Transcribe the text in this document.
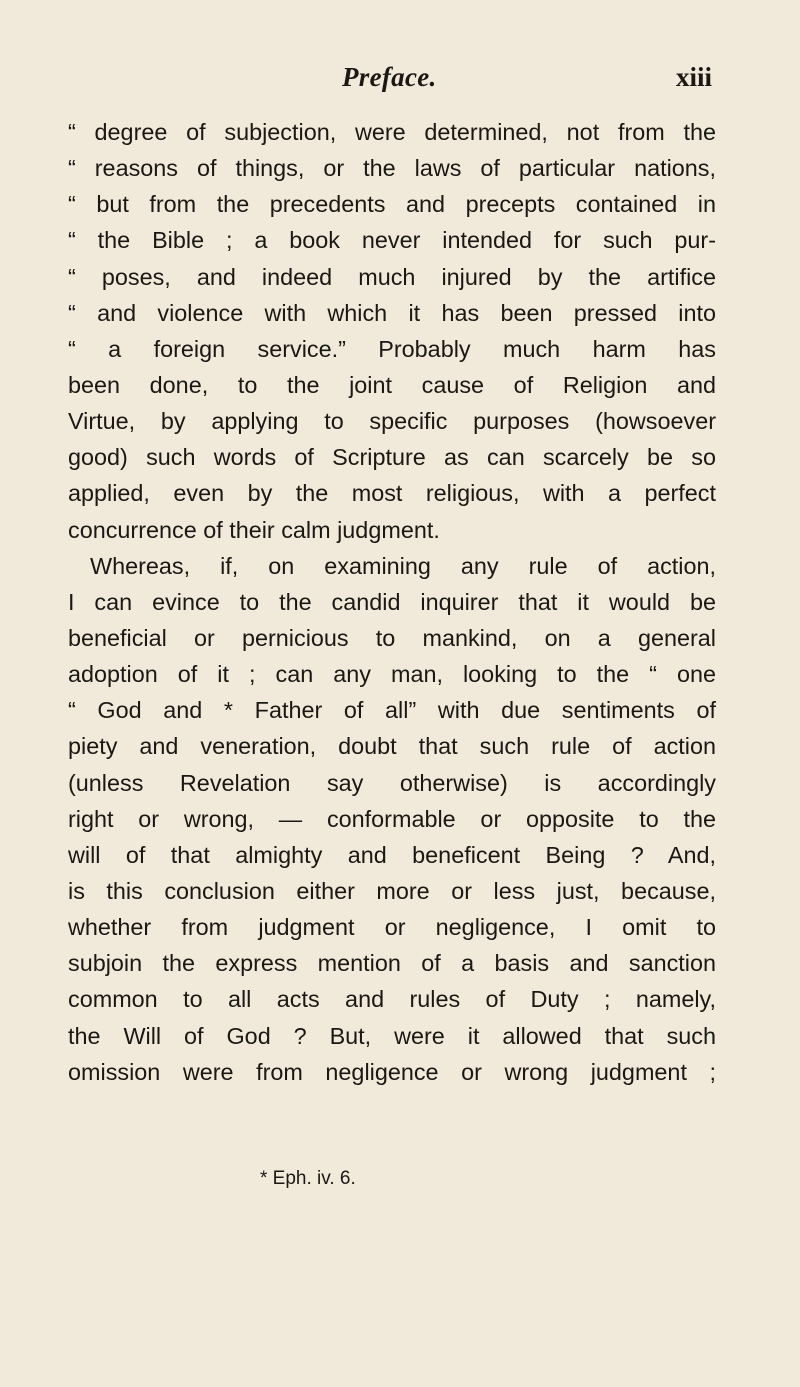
Preface.	xiii
“ degree of subjection, were determined, not from the
“ reasons of things, or the laws of particular nations,
“ but from the precedents and precepts contained in
“ the Bible ; a book never intended for such pur-
“ poses, and indeed much injured by the artifice
“ and violence with which it has been pressed into
“ a foreign service.” Probably much harm has
been done, to the joint cause of Religion and
Virtue, by applying to specific purposes (howsoever
good) such words of Scripture as can scarcely be so
applied, even by the most religious, with a perfect
concurrence of their calm judgment.
Whereas, if, on examining any rule of action,
I can evince to the candid inquirer that it would be
beneficial or pernicious to mankind, on a general
adoption of it ; can any man, looking to the “ one
“ God and * Father of all” with due sentiments of
piety and veneration, doubt that such rule of action
(unless Revelation say otherwise) is accordingly
right or wrong, — conformable or opposite to the
will of that almighty and beneficent Being ? And,
is this conclusion either more or less just, because,
whether from judgment or negligence, I omit to
subjoin the express mention of a basis and sanction
common to all acts and rules of Duty ; namely,
the Will of God ? But, were it allowed that such
omission were from negligence or wrong judgment ;
* Eph. iv. 6.
